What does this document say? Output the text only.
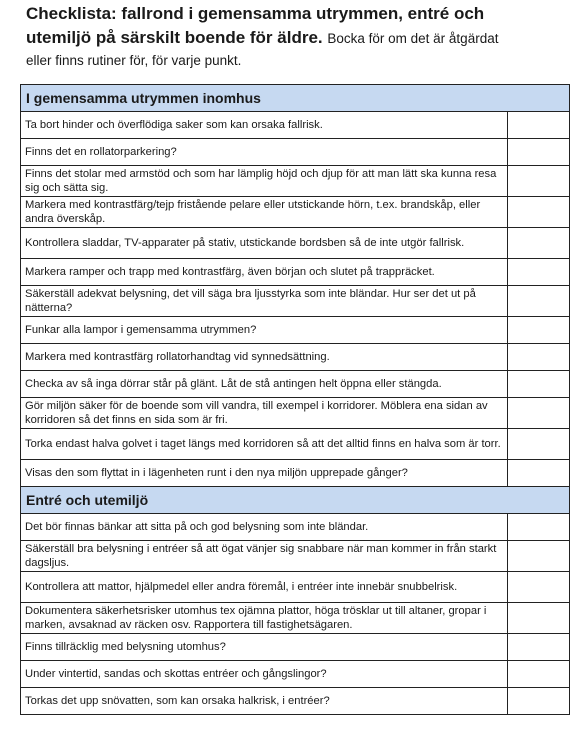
Checklista: fallrond i gemensamma utrymmen, entré och

utemiljö på särskilt boende för äldre. Bocka för om det är åtgärdat

eller finns rutiner för, för varje punkt.

I gemensamma utrymmen inomhus	
Ta bort hinder och överflödiga saker som kan orsaka fallrisk.	
Finns det en rollatorparkering?	
Finns det stolar med armstöd och som har lämplig höjd och djup för att man lätt ska kunna resa sig och sätta sig.	
Markera med kontrastfärg/tejp fristående pelare eller utstickande hörn, t.ex. brandskåp, eller andra överskåp.	
Kontrollera sladdar, TV-apparater på stativ, utstickande bordsben så de inte utgör fallrisk.	
Markera ramper och trapp med kontrastfärg, även början och slutet på trappräcket.	
Säkerställ adekvat belysning, det vill säga bra ljusstyrka som inte bländar. Hur ser det ut på nätterna?	
Funkar alla lampor i gemensamma utrymmen?	
Markera med kontrastfärg rollatorhandtag vid synnedsättning.	
Checka av så inga dörrar står på glänt. Låt de stå antingen helt öppna eller stängda.	
Gör miljön säker för de boende som vill vandra, till exempel i korridorer. Möblera ena sidan av korridoren så det finns en sida som är fri.	
Torka endast halva golvet i taget längs med korridoren så att det alltid finns en halva som är torr.	
Visas den som flyttat in i lägenheten runt i den nya miljön upprepade gånger?	
Entré och utemiljö	
Det bör finnas bänkar att sitta på och god belysning som inte bländar.	
Säkerställ bra belysning i entréer så att ögat vänjer sig snabbare när man kommer in från starkt dagsljus.	
Kontrollera att mattor, hjälpmedel eller andra föremål, i entréer inte innebär snubbelrisk.	
Dokumentera säkerhetsrisker utomhus tex ojämna plattor, höga trösklar ut till altaner, gropar i marken, avsaknad av räcken osv. Rapportera till fastighetsägaren.	
Finns tillräcklig med belysning utomhus?	
Under vintertid, sandas och skottas entréer och gångslingor?	
Torkas det upp snövatten, som kan orsaka halkrisk, i entréer?	
